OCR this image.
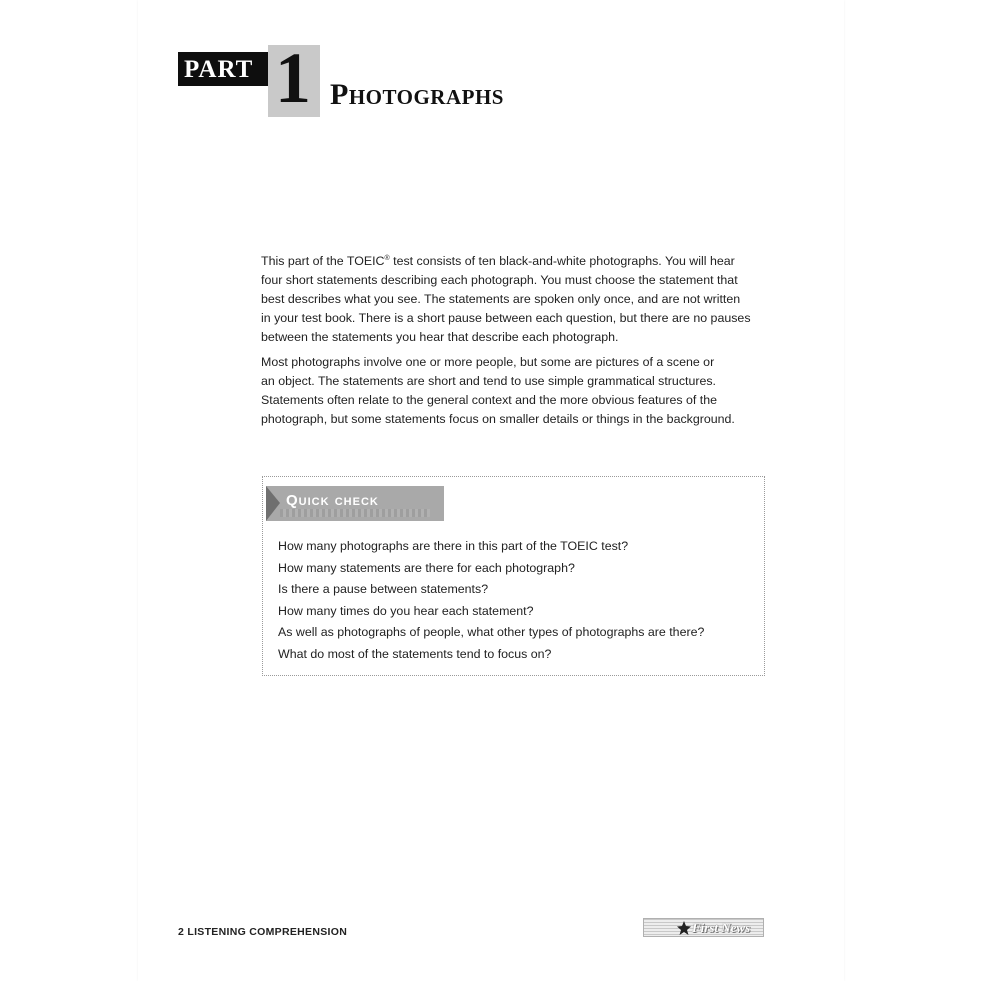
PART 1 Photographs
This part of the TOEIC® test consists of ten black-and-white photographs. You will hear
four short statements describing each photograph. You must choose the statement that
best describes what you see. The statements are spoken only once, and are not written
in your test book. There is a short pause between each question, but there are no pauses
between the statements you hear that describe each photograph.
Most photographs involve one or more people, but some are pictures of a scene or
an object. The statements are short and tend to use simple grammatical structures.
Statements often relate to the general context and the more obvious features of the
photograph, but some statements focus on smaller details or things in the background.
Quick check
How many photographs are there in this part of the TOEIC test?
How many statements are there for each photograph?
Is there a pause between statements?
How many times do you hear each statement?
As well as photographs of people, what other types of photographs are there?
What do most of the statements tend to focus on?
2 LISTENING COMPREHENSION	First News
